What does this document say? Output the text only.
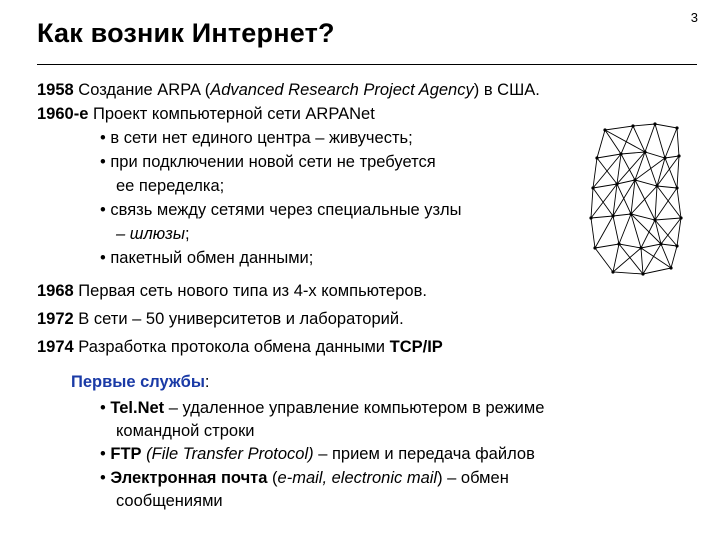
3
Как возник Интернет?
1958 Создание ARPA (Advanced Research Project Agency) в США.
1960-е Проект компьютерной сети ARPANet
• в сети нет единого центра – живучесть;
• при подключении новой сети не требуется
ее переделка;
• связь между сетями через специальные узлы
– шлюзы;
• пакетный обмен данными;
1968 Первая сеть нового типа из 4-х компьютеров.
1972 В сети – 50 университетов и лабораторий.
1974 Разработка протокола обмена данными TCP/IP
Первые службы:
• Tel.Net – удаленное управление компьютером в режиме
командной строки
• FTP (File Transfer Protocol) – прием и передача файлов
• Электронная почта (e-mail, electronic mail) – обмен
сообщениями
